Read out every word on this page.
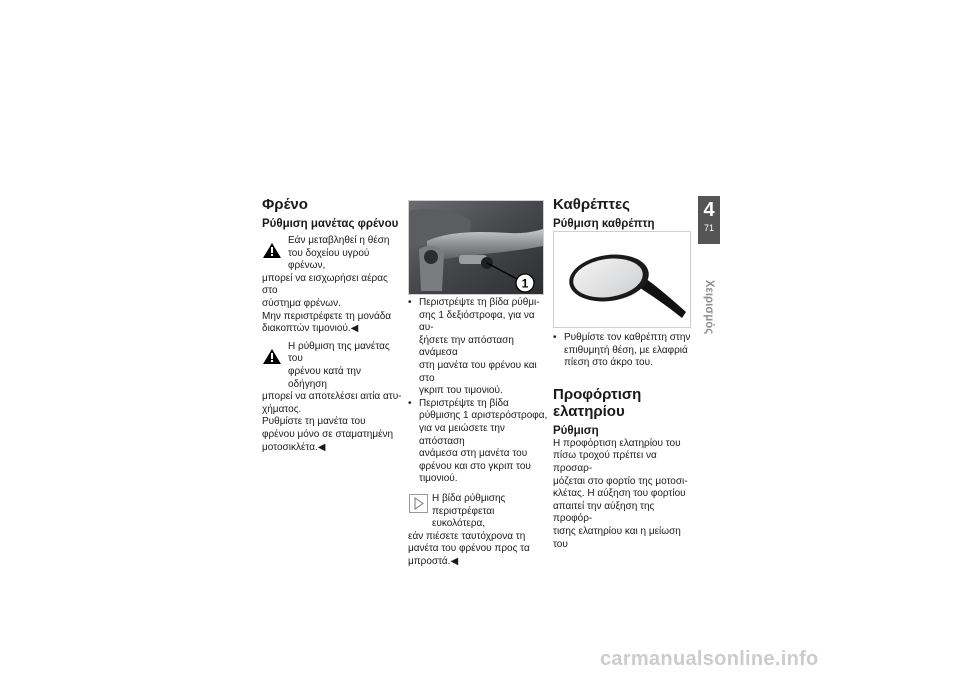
Φρένο
Ρύθμιση μανέτας φρένου
Εάν μεταβληθεί η θέση
του δοχείου υγρού φρένων,
μπορεί να εισχωρήσει αέρας στο
σύστημα φρένων.
Μην περιστρέφετε τη μονάδα
διακοπτών τιμονιού.◀
Η ρύθμιση της μανέτας του
φρένου κατά την οδήγηση
μπορεί να αποτελέσει αιτία ατυ-
χήματος.
Ρυθμίστε τη μανέτα του
φρένου μόνο σε σταματημένη
μοτοσικλέτα.◀
1
• Περιστρέψτε τη βίδα ρύθμι-
σης 1 δεξιόστροφα, για να αυ-
ξήσετε την απόσταση ανάμεσα
στη μανέτα του φρένου και στο
γκριπ του τιμονιού.
• Περιστρέψτε τη βίδα
ρύθμισης 1 αριστερόστροφα,
για να μειώσετε την απόσταση
ανάμεσα στη μανέτα του
φρένου και στο γκριπ του
τιμονιού.
Η βίδα ρύθμισης
περιστρέφεται ευκολότερα,
εάν πιέσετε ταυτόχρονα τη
μανέτα του φρένου προς τα
μπροστά.◀
Καθρέπτες
Ρύθμιση καθρέπτη
• Ρυθμίστε τον καθρέπτη στην
επιθυμητή θέση, με ελαφριά
πίεση στο άκρο του.
Προφόρτιση ελατηρίου
Ρύθμιση
Η προφόρτιση ελατηρίου του
πίσω τροχού πρέπει να προσαρ-
μόζεται στο φορτίο της μοτοσι-
κλέτας. Η αύξηση του φορτίου
απαιτεί την αύξηση της προφόρ-
τισης ελατηρίου και η μείωση του
4
71
Χειρισμός
carmanualsonline.info
